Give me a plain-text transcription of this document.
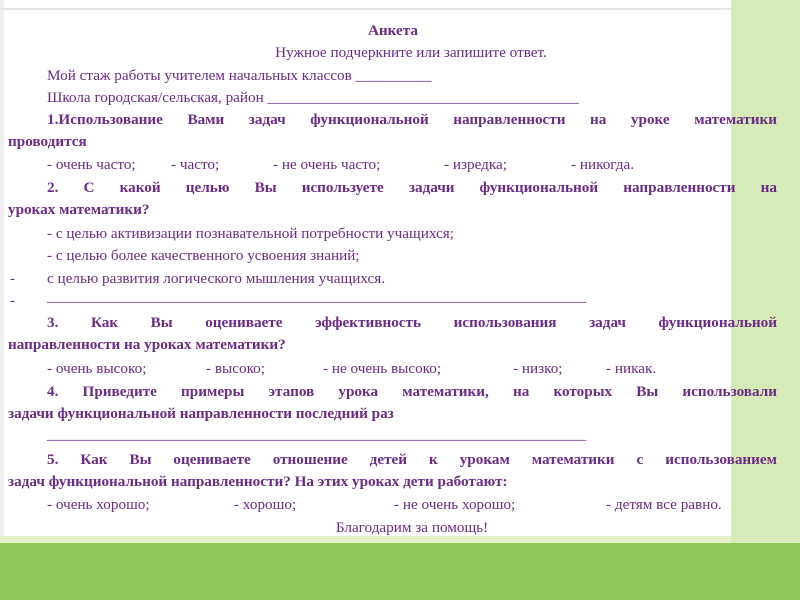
Анкета
Нужное подчеркните или запишите ответ.
Мой стаж работы учителем начальных классов __________
Школа городская/сельская, район _________________________________________
1.Использование Вами задач функциональной направленности на уроке математики
проводится
- очень часто; - часто;	- не очень часто;	- изредка;	- никогда.
2. С какой целью Вы используете задачи функциональной направленности на
уроках математики?
- с целью активизации познавательной потребности учащихся;
- с целью более качественного усвоения знаний;
- с целью развития логического мышления учащихся.
- _______________________________________________________________________
3. Как Вы оцениваете эффективность использования задач функциональной
направленности на уроках математики?
- очень высоко;	- высоко;	- не очень высоко;	- низко;	- никак.
4. Приведите примеры этапов урока математики, на которых Вы использовали
задачи функциональной направленности последний раз
_______________________________________________________________________
5. Как Вы оцениваете отношение детей к урокам математики с использованием
задач функциональной направленности? На этих уроках дети работают:
- очень хорошо;	- хорошо;	- не очень хорошо;	- детям все равно.
Благодарим за помощь!
